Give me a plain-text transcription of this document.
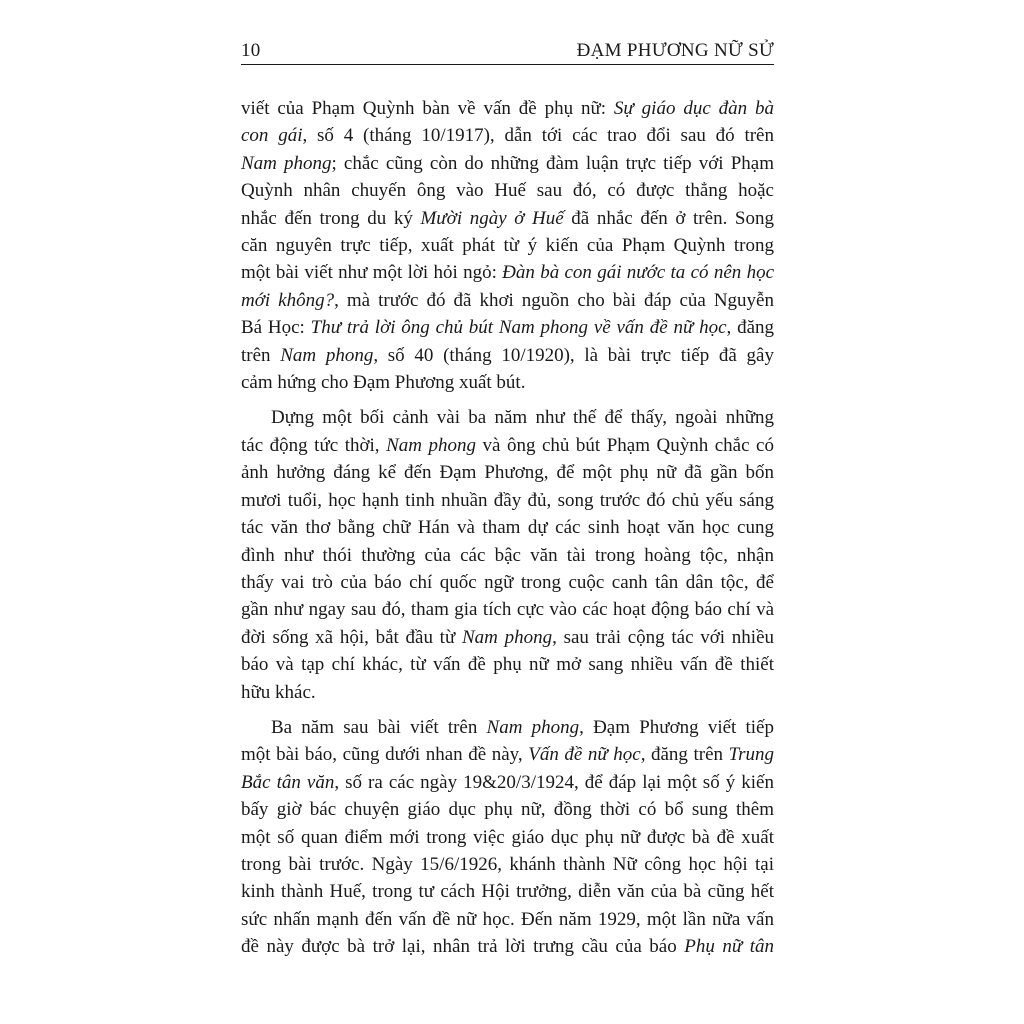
10	ĐẠM PHƯƠNG NỮ SỬ
viết của Phạm Quỳnh bàn về vấn đề phụ nữ: Sự giáo dục đàn bà
con gái, số 4 (tháng 10/1917), dẫn tới các trao đổi sau đó trên
Nam phong; chắc cũng còn do những đàm luận trực tiếp với Phạm
Quỳnh nhân chuyến ông vào Huế sau đó, có được thẳng hoặc
nhắc đến trong du ký Mười ngày ở Huế đã nhắc đến ở trên. Song
căn nguyên trực tiếp, xuất phát từ ý kiến của Phạm Quỳnh trong
một bài viết như một lời hỏi ngỏ: Đàn bà con gái nước ta có nên học
mới không?, mà trước đó đã khơi nguồn cho bài đáp của Nguyễn
Bá Học: Thư trả lời ông chủ bút Nam phong về vấn đề nữ học, đăng
trên Nam phong, số 40 (tháng 10/1920), là bài trực tiếp đã gây
cảm hứng cho Đạm Phương xuất bút.
Dựng một bối cảnh vài ba năm như thế để thấy, ngoài những
tác động tức thời, Nam phong và ông chủ bút Phạm Quỳnh chắc có
ảnh hưởng đáng kể đến Đạm Phương, để một phụ nữ đã gần bốn
mươi tuổi, học hạnh tinh nhuần đầy đủ, song trước đó chủ yếu sáng
tác văn thơ bằng chữ Hán và tham dự các sinh hoạt văn học cung
đình như thói thường của các bậc văn tài trong hoàng tộc, nhận
thấy vai trò của báo chí quốc ngữ trong cuộc canh tân dân tộc, để
gần như ngay sau đó, tham gia tích cực vào các hoạt động báo chí và
đời sống xã hội, bắt đầu từ Nam phong, sau trải cộng tác với nhiều
báo và tạp chí khác, từ vấn đề phụ nữ mở sang nhiều vấn đề thiết
hữu khác.
Ba năm sau bài viết trên Nam phong, Đạm Phương viết tiếp
một bài báo, cũng dưới nhan đề này, Vấn đề nữ học, đăng trên Trung
Bắc tân văn, số ra các ngày 19&20/3/1924, để đáp lại một số ý kiến
bấy giờ bác chuyện giáo dục phụ nữ, đồng thời có bổ sung thêm
một số quan điểm mới trong việc giáo dục phụ nữ được bà đề xuất
trong bài trước. Ngày 15/6/1926, khánh thành Nữ công học hội tại
kinh thành Huế, trong tư cách Hội trưởng, diễn văn của bà cũng hết
sức nhấn mạnh đến vấn đề nữ học. Đến năm 1929, một lần nữa vấn
đề này được bà trở lại, nhân trả lời trưng cầu của báo Phụ nữ tân
